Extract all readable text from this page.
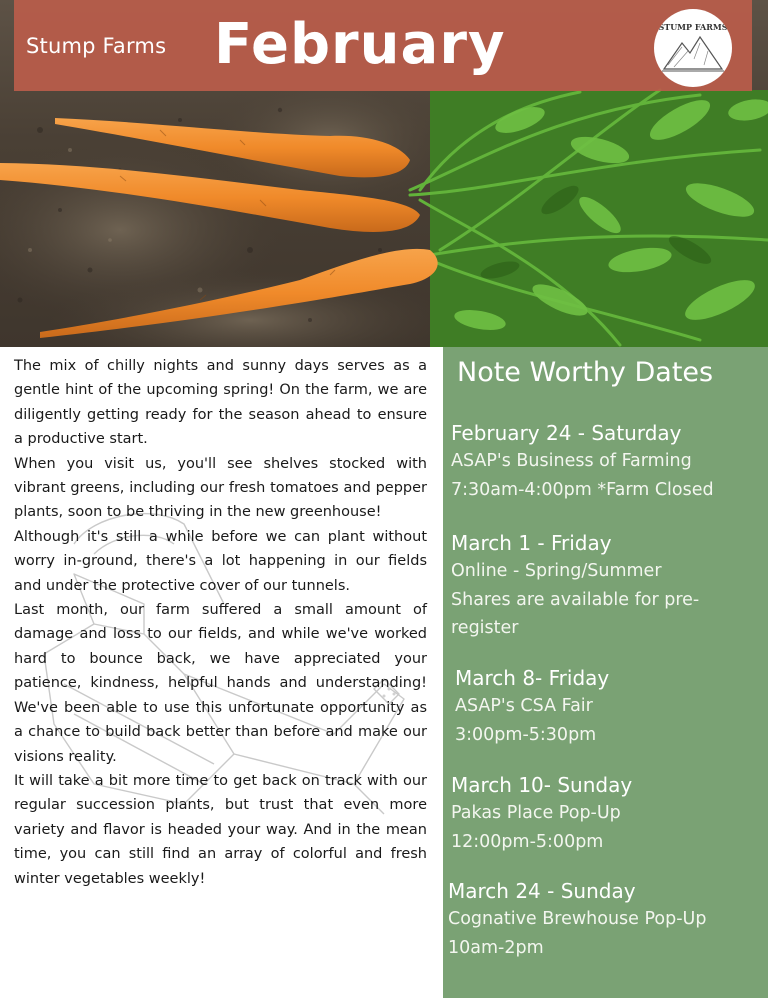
Stump Farms February	STUMP FARMS

The mix of chilly nights and sunny days serves as a gentle hint of the upcoming spring! On the farm, we are diligently getting ready for the season ahead to ensure a productive start.

When you visit us, you'll see shelves stocked with vibrant greens, including our fresh tomatoes and pepper plants, soon to be thriving in the new greenhouse!

Although it's still a while before we can plant without worry in-ground, there's a lot happening in our fields and under the protective cover of our tunnels.

Last month, our farm suffered a small amount of damage and loss to our fields, and while we've worked hard to bounce back, we have appreciated your patience, kindness, helpful hands and understanding! We've been able to use this unfortunate opportunity as a chance to build back better than before and make our visions reality.

It will take a bit more time to get back on track with our regular succession plants, but trust that even more variety and flavor is headed your way. And in the mean time, you can still find an array of colorful and fresh winter vegetables weekly!

Note Worthy Dates
February 24 - Saturday
ASAP's Business of Farming
7:30am-4:00pm *Farm Closed
March 1 - Friday
Online - Spring/Summer
Shares are available for pre-
register
March 8- Friday
ASAP's CSA Fair
3:00pm-5:30pm
March 10- Sunday
Pakas Place Pop-Up
12:00pm-5:00pm
March 24 - Sunday
Cognative Brewhouse Pop-Up
10am-2pm
